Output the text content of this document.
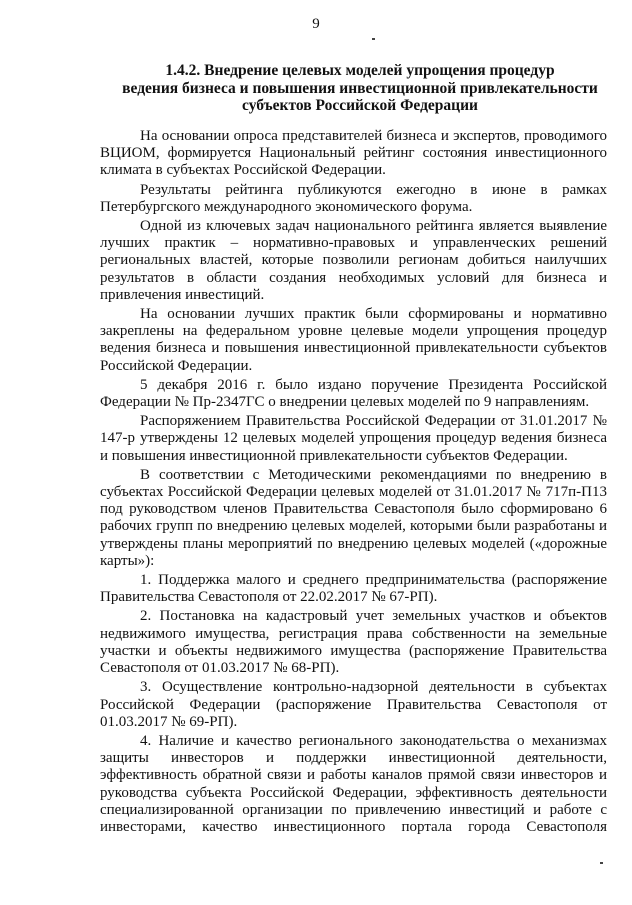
9
1.4.2. Внедрение целевых моделей упрощения процедур
ведения бизнеса и повышения инвестиционной привлекательности
субъектов Российской Федерации

На основании опроса представителей бизнеса и экспертов, проводимого ВЦИОМ, формируется Национальный рейтинг состояния инвестиционного климата в субъектах Российской Федерации.

Результаты рейтинга публикуются ежегодно в июне в рамках Петербургского международного экономического форума.

Одной из ключевых задач национального рейтинга является выявление лучших практик – нормативно-правовых и управленческих решений региональных властей, которые позволили регионам добиться наилучших результатов в области создания необходимых условий для бизнеса и привлечения инвестиций.

На основании лучших практик были сформированы и нормативно закреплены на федеральном уровне целевые модели упрощения процедур ведения бизнеса и повышения инвестиционной привлекательности субъектов Российской Федерации.

5 декабря 2016 г. было издано поручение Президента Российской Федерации № Пр-2347ГС о внедрении целевых моделей по 9 направлениям.

Распоряжением Правительства Российской Федерации от 31.01.2017 № 147-р утверждены 12 целевых моделей упрощения процедур ведения бизнеса и повышения инвестиционной привлекательности субъектов Федерации.

В соответствии с Методическими рекомендациями по внедрению в субъектах Российской Федерации целевых моделей от 31.01.2017 № 717п-П13 под руководством членов Правительства Севастополя было сформировано 6 рабочих групп по внедрению целевых моделей, которыми были разработаны и утверждены планы мероприятий по внедрению целевых моделей («дорожные карты»):

1. Поддержка малого и среднего предпринимательства (распоряжение Правительства Севастополя от 22.02.2017 № 67-РП).

2. Постановка на кадастровый учет земельных участков и объектов недвижимого имущества, регистрация права собственности на земельные участки и объекты недвижимого имущества (распоряжение Правительства Севастополя от 01.03.2017 № 68-РП).

3. Осуществление контрольно-надзорной деятельности в субъектах Российской Федерации (распоряжение Правительства Севастополя от 01.03.2017 № 69-РП).

4. Наличие и качество регионального законодательства о механизмах защиты инвесторов и поддержки инвестиционной деятельности, эффективность обратной связи и работы каналов прямой связи инвесторов и руководства субъекта Российской Федерации, эффективность деятельности специализированной организации по привлечению инвестиций и работе с инвесторами, качество инвестиционного портала города Севастополя
